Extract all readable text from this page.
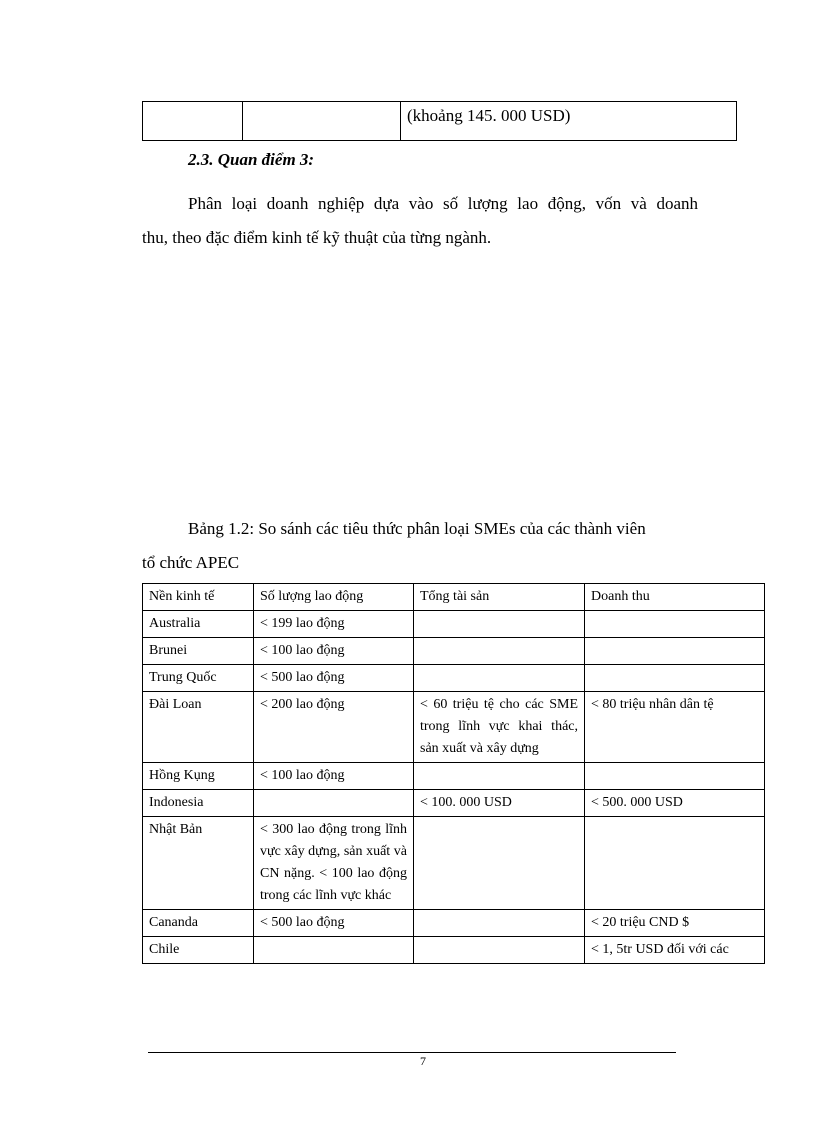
		(khoảng 145. 000 USD)
2.3. Quan điểm 3:
Phân loại doanh nghiệp dựa vào số lượng lao động, vốn và doanh
thu, theo đặc điểm kinh tế kỹ thuật của từng ngành.
Bảng 1.2: So sánh các tiêu thức phân loại SMEs của các thành viên
tổ chức APEC
Nền kinh tế	Số lượng lao động	Tổng tài sản	Doanh thu
Australia	< 199 lao động		
Brunei	< 100 lao động		
Trung Quốc	< 500 lao động		
Đài Loan	< 200 lao động	< 60 triệu tệ cho các SME trong lĩnh vực khai thác, sản xuất và xây dựng	< 80 triệu nhân dân tệ
Hồng Kụng	< 100 lao động		
Indonesia		< 100. 000 USD	< 500. 000 USD
Nhật Bản	< 300 lao động trong lĩnh vực xây dựng, sản xuất và CN nặng. < 100 lao động trong các lĩnh vực khác		
Cananda	< 500 lao động		< 20 triệu CND $
Chile			< 1, 5tr USD đối với các
7
